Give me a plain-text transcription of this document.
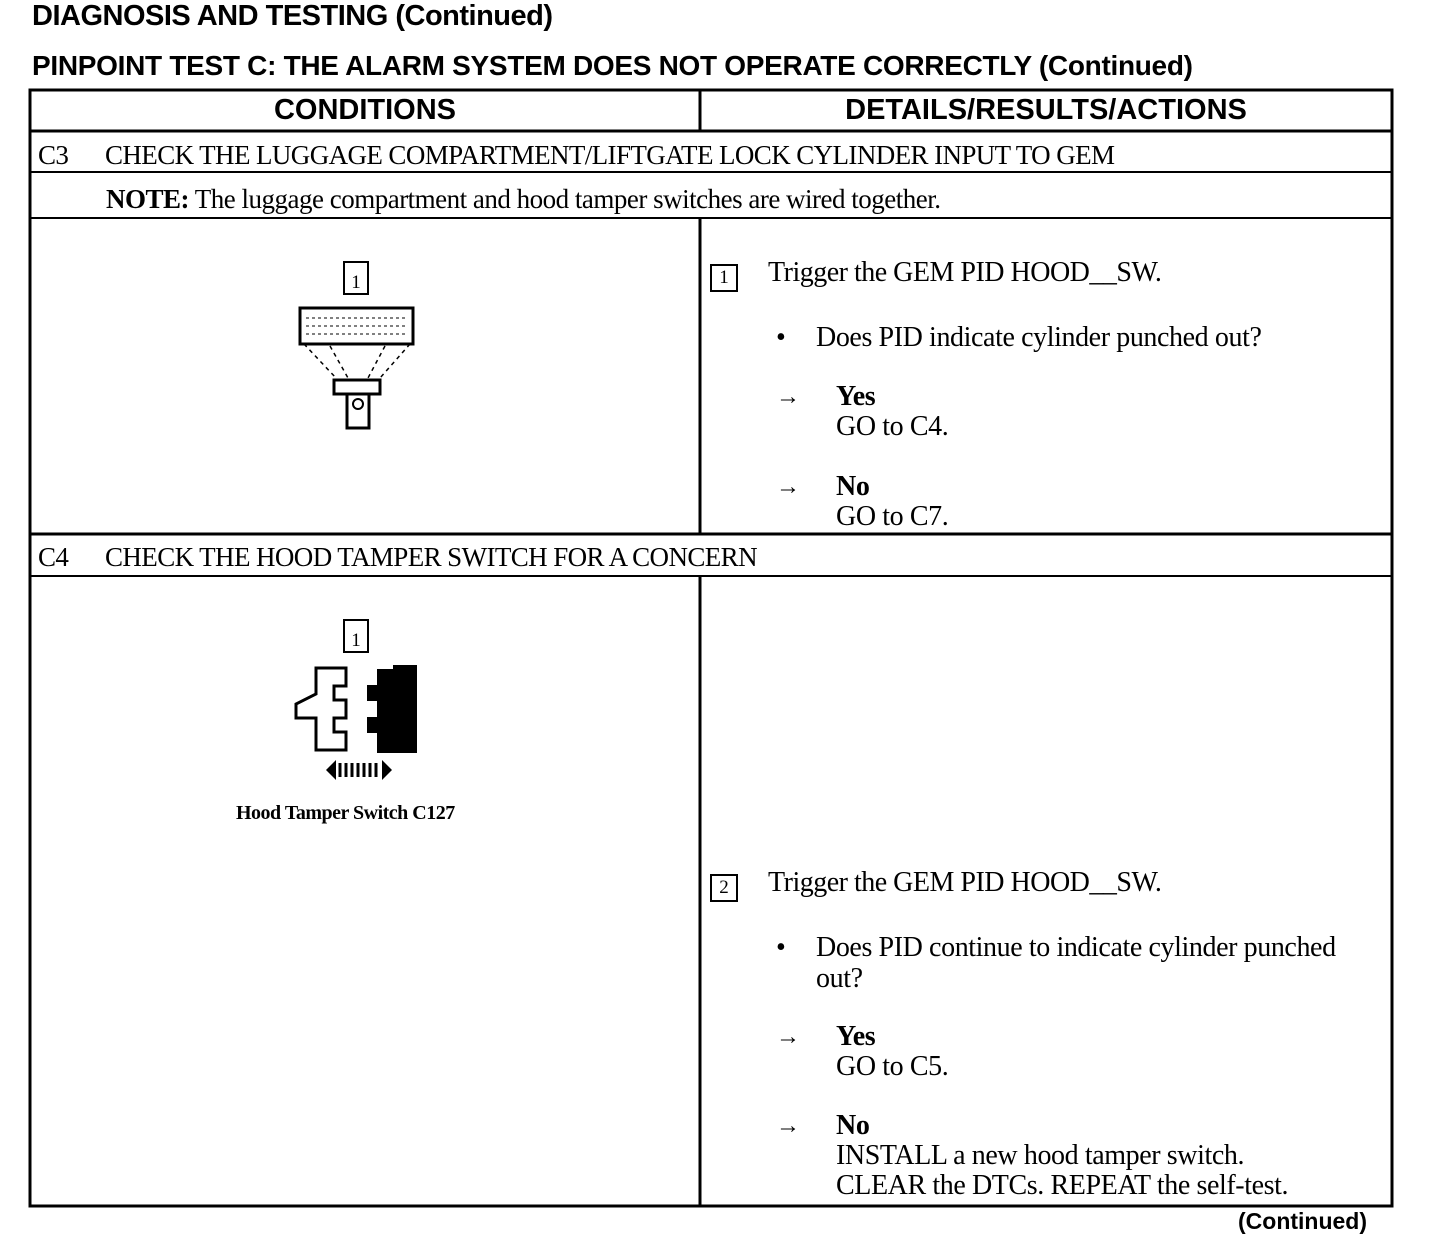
DIAGNOSIS AND TESTING (Continued)
PINPOINT TEST C: THE ALARM SYSTEM DOES NOT OPERATE CORRECTLY (Continued)
CONDITIONS	DETAILS/RESULTS/ACTIONS
C3 CHECK THE LUGGAGE COMPARTMENT/LIFTGATE LOCK CYLINDER INPUT TO GEM
NOTE: The luggage compartment and hood tamper switches are wired together.
1	1	Trigger the GEM PID HOOD__SW.
• Does PID indicate cylinder punched out?
→ Yes
GO to C4.
→ No
GO to C7.
C4 CHECK THE HOOD TAMPER SWITCH FOR A CONCERN
1
Hood Tamper Switch C127
2	Trigger the GEM PID HOOD__SW.
• Does PID continue to indicate cylinder punched out?
→ Yes
GO to C5.
→ No
INSTALL a new hood tamper switch.
CLEAR the DTCs. REPEAT the self-test.
(Continued)
